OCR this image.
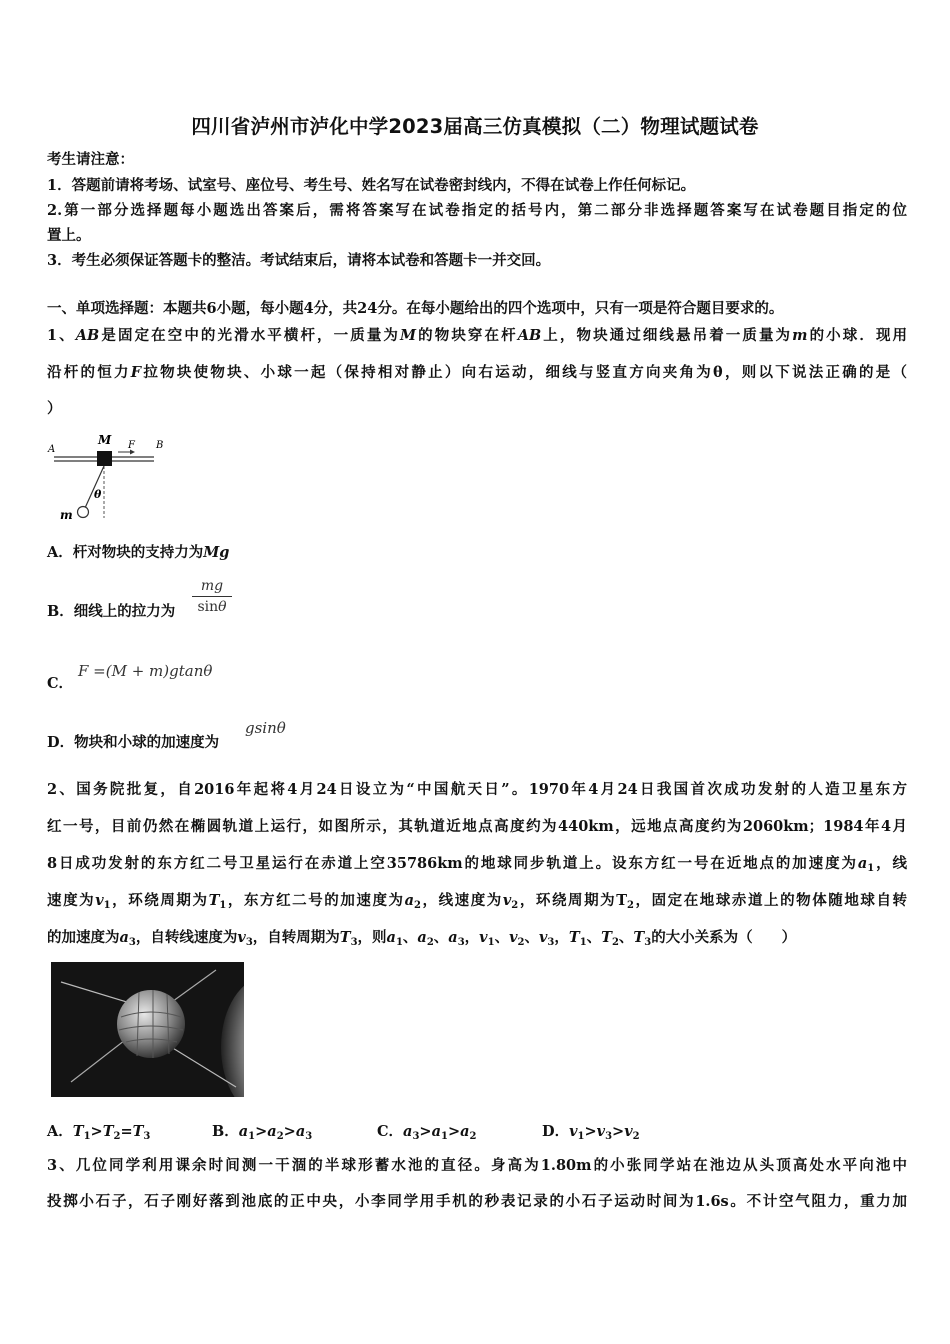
四川省泸州市泸化中学2023届高三仿真模拟（二）物理试题试卷
考生请注意：
1．答题前请将考场、试室号、座位号、考生号、姓名写在试卷密封线内，不得在试卷上作任何标记。
2.第一部分选择题每小题选出答案后，需将答案写在试卷指定的括号内，第二部分非选择题答案写在试卷题目指定的位
置上。
3．考生必须保证答题卡的整洁。考试结束后，请将本试卷和答题卡一并交回。
一、单项选择题：本题共6小题，每小题4分，共24分。在每小题给出的四个选项中，只有一项是符合题目要求的。
1、AB是固定在空中的光滑水平横杆，一质量为M的物块穿在杆AB上，物块通过细线悬吊着一质量为m的小球．现用
沿杆的恒力F拉物块使物块、小球一起（保持相对静止）向右运动，细线与竖直方向夹角为θ，则以下说法正确的是（
）
A
M F B
θ
m
A．杆对物块的支持力为Mg
B．细线上的拉力为
mg
sinθ
C．
F =(M + m)gtanθ
D．物块和小球的加速度为
gsinθ
2、国务院批复，自2016年起将4月24日设立为“中国航天日”。1970年4月24日我国首次成功发射的人造卫星东方
红一号，目前仍然在椭圆轨道上运行，如图所示，其轨道近地点高度约为440km，远地点高度约为2060km；1984年4月
8日成功发射的东方红二号卫星运行在赤道上空35786km的地球同步轨道上。设东方红一号在近地点的加速度为$a_1$，线
速度为$v_1$，环绕周期为$T_1$，东方红二号的加速度为$a_2$，线速度为$v_2$，环绕周期为$T_2$，固定在地球赤道上的物体随地球自转
的加速度为$a_3$，自转线速度为$v_3$，自转周期为$T_3$，则$a_1$、$a_2$、$a_3$，$v_1$、$v_2$、$v_3$，$T_1$、$T_2$、$T_3$的大小关系为（　　）
A．$T_1>T_2=T_3$	B．$a_1>a_2>a_3$	C．$a_3>a_1>a_2$	D．$v_1>v_3>v_2$
3、几位同学利用课余时间测一干涸的半球形蓄水池的直径。身高为1.80m的小张同学站在池边从头顶高处水平向池中
投掷小石子，石子刚好落到池底的正中央，小李同学用手机的秒表记录的小石子运动时间为1.6s。不计空气阻力，重力加
